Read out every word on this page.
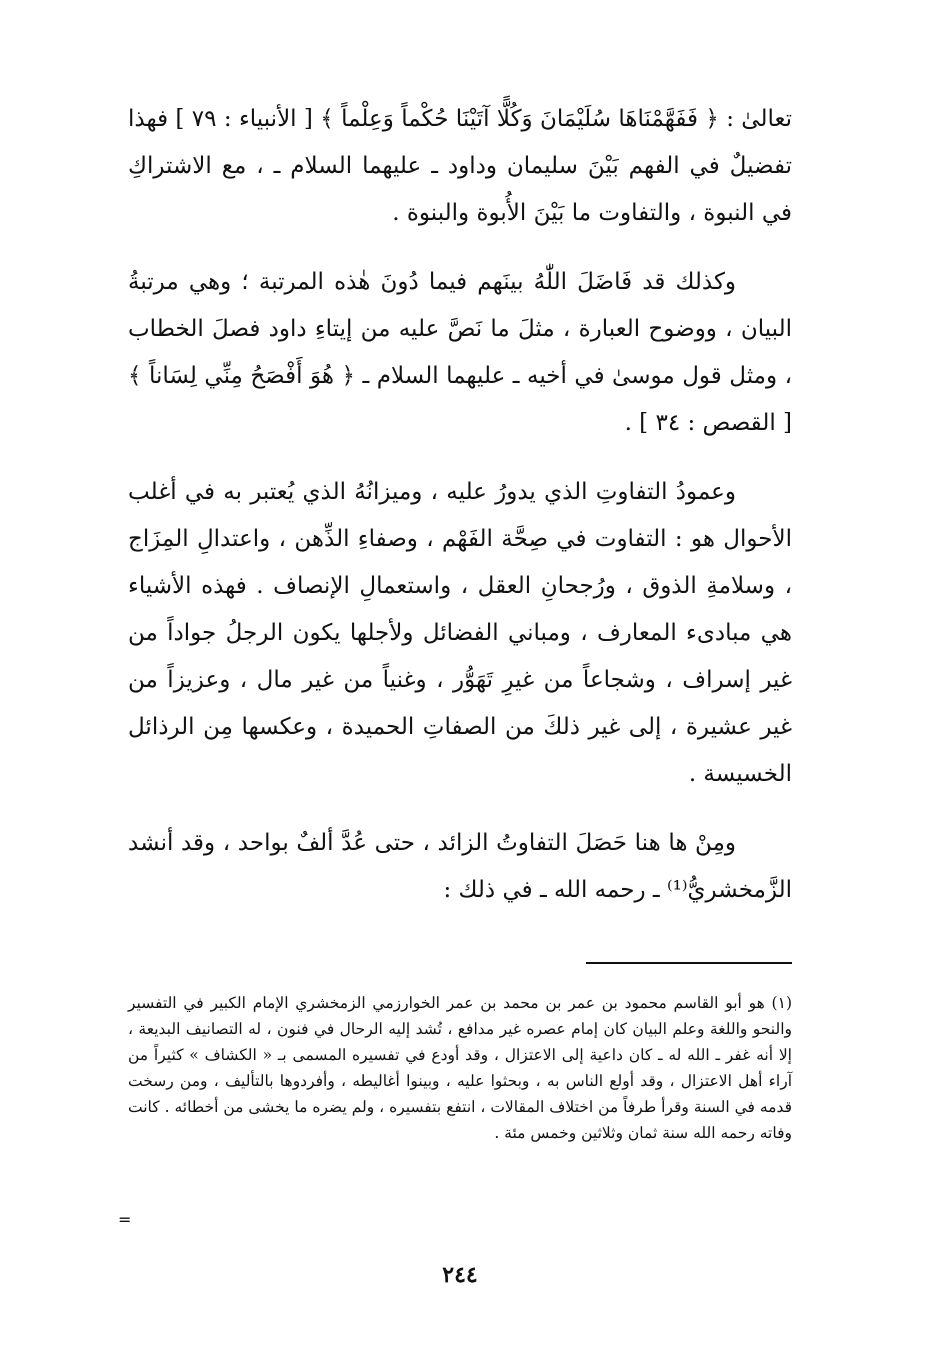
تعالىٰ : ﴿ فَفَهَّمْنَاهَا سُلَيْمَانَ وَكُلًّا آتَيْنَا حُكْماً وَعِلْماً ﴾ [ الأنبياء : ٧٩ ] فهذا تفضيلٌ في الفهم بَيْنَ سليمان وداود ـ عليهما السلام ـ ، مع الاشتراكِ في النبوة ، والتفاوت ما بَيْنَ الأُبوة والبنوة .

وكذلك قد فَاضَلَ اللّٰهُ بينَهم فيما دُونَ هٰذه المرتبة ؛ وهي مرتبةُ البيان ، ووضوح العبارة ، مثلَ ما نَصَّ عليه من إيتاءِ داود فصلَ الخطاب ، ومثل قول موسىٰ في أخيه ـ عليهما السلام ـ ﴿ هُوَ أَفْصَحُ مِنِّي لِسَاناً ﴾ [ القصص : ٣٤ ] .

وعمودُ التفاوتِ الذي يدورُ عليه ، وميزانُهُ الذي يُعتبر به في أغلب الأحوال هو : التفاوت في صِحَّة الفَهْم ، وصفاءِ الذِّهن ، واعتدالِ المِزَاج ، وسلامةِ الذوق ، ورُجحانِ العقل ، واستعمالِ الإنصاف . فهذه الأشياء هي مبادىء المعارف ، ومباني الفضائل ولأجلها يكون الرجلُ جواداً من غير إسراف ، وشجاعاً من غيرِ تَهَوُّر ، وغنياً من غير مال ، وعزيزاً من غير عشيرة ، إلى غير ذلكَ من الصفاتِ الحميدة ، وعكسها مِن الرذائل الخسيسة .

ومِنْ ها هنا حَصَلَ التفاوتُ الزائد ، حتى عُدَّ ألفٌ بواحد ، وقد أنشد الزَّمخشريُّ⁽¹⁾ ـ رحمه الله ـ في ذلك :

(١) هو أبو القاسم محمود بن عمر بن محمد بن عمر الخوارزمي الزمخشري الإمام الكبير في التفسير والنحو واللغة وعلم البيان كان إمام عصره غير مدافع ، تُشد إليه الرحال في فنون ، له التصانيف البديعة ، إلا أنه غفر ـ الله له ـ كان داعية إلى الاعتزال ، وقد أودع في تفسيره المسمى بـ « الكشاف » كثيراً من آراء أهل الاعتزال ، وقد أولع الناس به ، وبحثوا عليه ، وبينوا أغاليطه ، وأفردوها بالتأليف ، ومن رسخت قدمه في السنة وقرأ طرفاً من اختلاف المقالات ، انتفع بتفسيره ، ولم يضره ما يخشى من أخطائه . كانت وفاته رحمه الله سنة ثمان وثلاثين وخمس مئة .

٢٤٤
=
